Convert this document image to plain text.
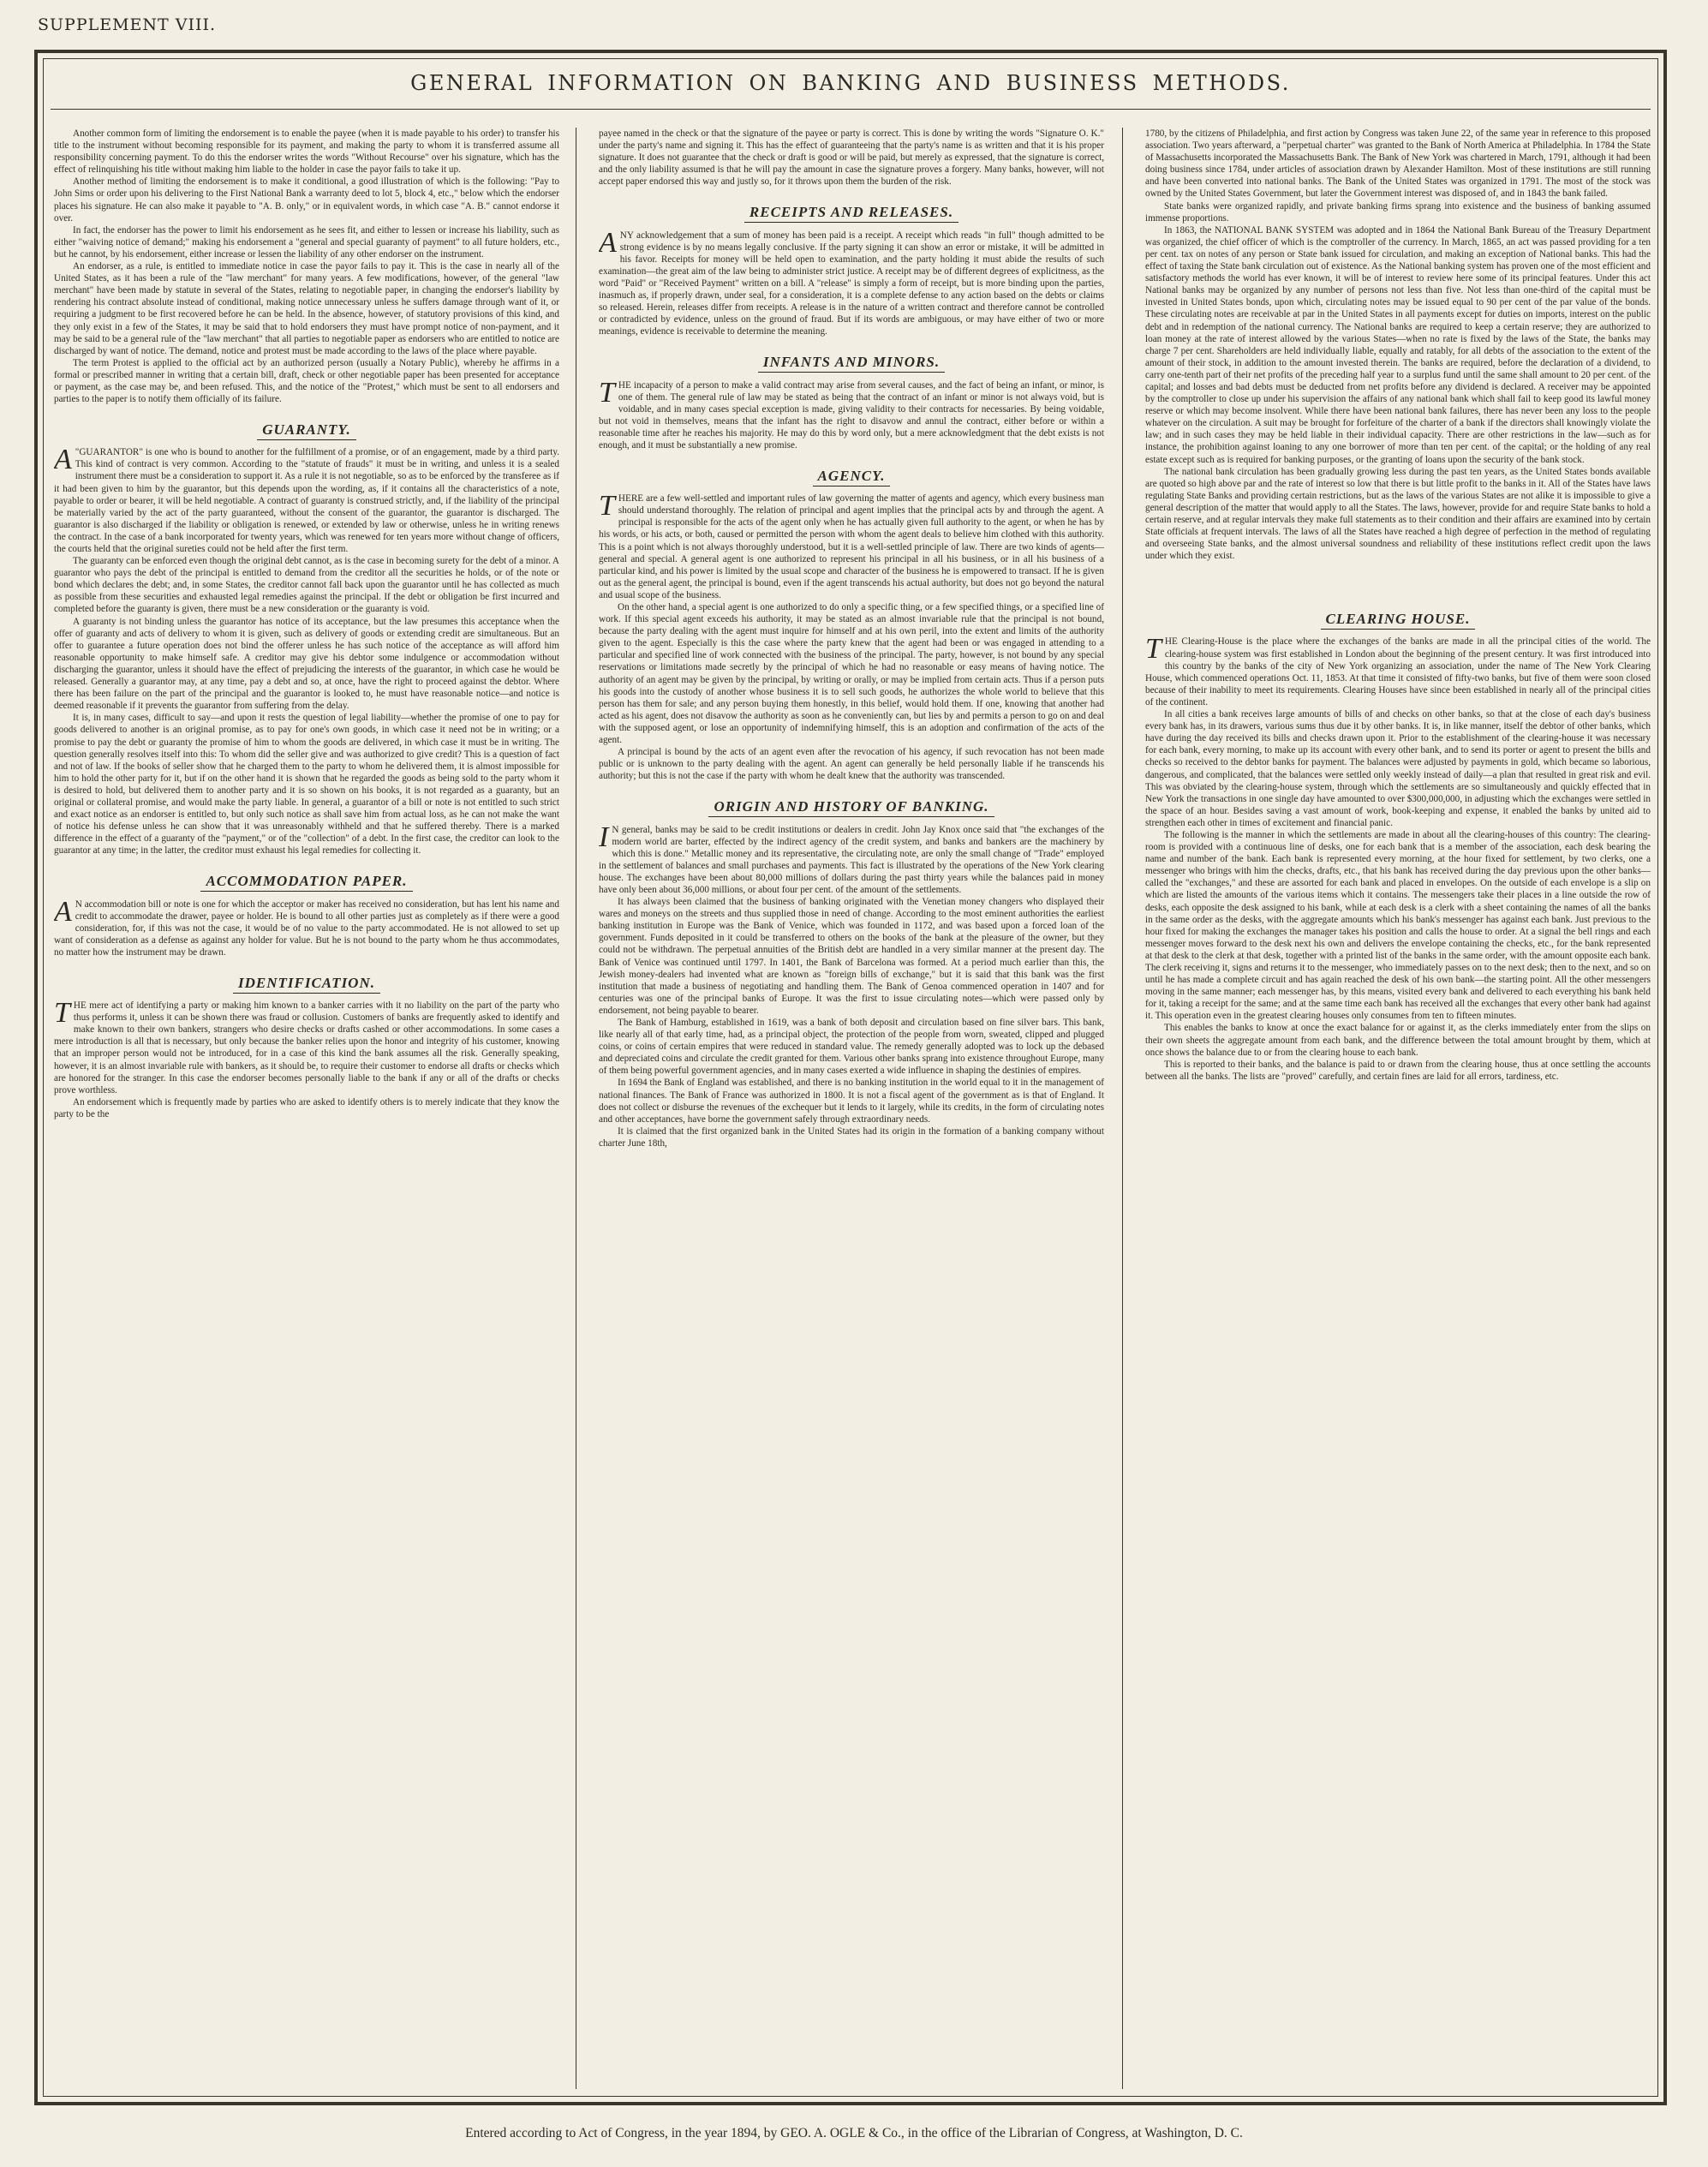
SUPPLEMENT VIII.
GENERAL INFORMATION ON BANKING AND BUSINESS METHODS.

Another common form of limiting the endorsement is to enable the payee (when it is made payable to his order) to transfer his title to the instrument without becoming responsible for its payment, and making the party to whom it is transferred assume all responsibility concerning payment. To do this the endorser writes the words "Without Recourse" over his signature, which has the effect of relinquishing his title without making him liable to the holder in case the payor fails to take it up.

Another method of limiting the endorsement is to make it conditional, a good illustration of which is the following: "Pay to John Sims or order upon his delivering to the First National Bank a warranty deed to lot 5, block 4, etc.," below which the endorser places his signature. He can also make it payable to "A. B. only," or in equivalent words, in which case "A. B." cannot endorse it over.

In fact, the endorser has the power to limit his endorsement as he sees fit, and either to lessen or increase his liability, such as either "waiving notice of demand;" making his endorsement a "general and special guaranty of payment" to all future holders, etc., but he cannot, by his endorsement, either increase or lessen the liability of any other endorser on the instrument.

An endorser, as a rule, is entitled to immediate notice in case the payor fails to pay it. This is the case in nearly all of the United States, as it has been a rule of the "law merchant" for many years. A few modifications, however, of the general "law merchant" have been made by statute in several of the States, relating to negotiable paper, in changing the endorser's liability by rendering his contract absolute instead of conditional, making notice unnecessary unless he suffers damage through want of it, or requiring a judgment to be first recovered before he can be held. In the absence, however, of statutory provisions of this kind, and they only exist in a few of the States, it may be said that to hold endorsers they must have prompt notice of non-payment, and it may be said to be a general rule of the "law merchant" that all parties to negotiable paper as endorsers who are entitled to notice are discharged by want of notice. The demand, notice and protest must be made according to the laws of the place where payable.

The term Protest is applied to the official act by an authorized person (usually a Notary Public), whereby he affirms in a formal or prescribed manner in writing that a certain bill, draft, check or other negotiable paper has been presented for acceptance or payment, as the case may be, and been refused. This, and the notice of the "Protest," which must be sent to all endorsers and parties to the paper is to notify them officially of its failure.

GUARANTY.

A "GUARANTOR" is one who is bound to another for the fulfillment of a promise, or of an engagement, made by a third party. This kind of contract is very common. According to the "statute of frauds" it must be in writing, and unless it is a sealed instrument there must be a consideration to support it. As a rule it is not negotiable, so as to be enforced by the transferee as if it had been given to him by the guarantor, but this depends upon the wording, as, if it contains all the characteristics of a note, payable to order or bearer, it will be held negotiable. A contract of guaranty is construed strictly, and, if the liability of the principal be materially varied by the act of the party guaranteed, without the consent of the guarantor, the guarantor is discharged. The guarantor is also discharged if the liability or obligation is renewed, or extended by law or otherwise, unless he in writing renews the contract. In the case of a bank incorporated for twenty years, which was renewed for ten years more without change of officers, the courts held that the original sureties could not be held after the first term.

The guaranty can be enforced even though the original debt cannot, as is the case in becoming surety for the debt of a minor. A guarantor who pays the debt of the principal is entitled to demand from the creditor all the securities he holds, or of the note or bond which declares the debt; and, in some States, the creditor cannot fall back upon the guarantor until he has collected as much as possible from these securities and exhausted legal remedies against the principal. If the debt or obligation be first incurred and completed before the guaranty is given, there must be a new consideration or the guaranty is void.

A guaranty is not binding unless the guarantor has notice of its acceptance, but the law presumes this acceptance when the offer of guaranty and acts of delivery to whom it is given, such as delivery of goods or extending credit are simultaneous. But an offer to guarantee a future operation does not bind the offerer unless he has such notice of the acceptance as will afford him reasonable opportunity to make himself safe. A creditor may give his debtor some indulgence or accommodation without discharging the guarantor, unless it should have the effect of prejudicing the interests of the guarantor, in which case he would be released. Generally a guarantor may, at any time, pay a debt and so, at once, have the right to proceed against the debtor. Where there has been failure on the part of the principal and the guarantor is looked to, he must have reasonable notice—and notice is deemed reasonable if it prevents the guarantor from suffering from the delay.

It is, in many cases, difficult to say—and upon it rests the question of legal liability—whether the promise of one to pay for goods delivered to another is an original promise, as to pay for one's own goods, in which case it need not be in writing; or a promise to pay the debt or guaranty the promise of him to whom the goods are delivered, in which case it must be in writing. The question generally resolves itself into this: To whom did the seller give and was authorized to give credit? This is a question of fact and not of law. If the books of seller show that he charged them to the party to whom he delivered them, it is almost impossible for him to hold the other party for it, but if on the other hand it is shown that he regarded the goods as being sold to the party whom it is desired to hold, but delivered them to another party and it is so shown on his books, it is not regarded as a guaranty, but an original or collateral promise, and would make the party liable. In general, a guarantor of a bill or note is not entitled to such strict and exact notice as an endorser is entitled to, but only such notice as shall save him from actual loss, as he can not make the want of notice his defense unless he can show that it was unreasonably withheld and that he suffered thereby. There is a marked difference in the effect of a guaranty of the "payment," or of the "collection" of a debt. In the first case, the creditor can look to the guarantor at any time; in the latter, the creditor must exhaust his legal remedies for collecting it.

ACCOMMODATION PAPER.

A N accommodation bill or note is one for which the acceptor or maker has received no consideration, but has lent his name and credit to accommodate the drawer, payee or holder. He is bound to all other parties just as completely as if there were a good consideration, for, if this was not the case, it would be of no value to the party accommodated. He is not allowed to set up want of consideration as a defense as against any holder for value. But he is not bound to the party whom he thus accommodates, no matter how the instrument may be drawn.

IDENTIFICATION.

THE mere act of identifying a party or making him known to a banker carries with it no liability on the part of the party who thus performs it, unless it can be shown there was fraud or collusion. Customers of banks are frequently asked to identify and make known to their own bankers, strangers who desire checks or drafts cashed or other accommodations. In some cases a mere introduction is all that is necessary, but only because the banker relies upon the honor and integrity of his customer, knowing that an improper person would not be introduced, for in a case of this kind the bank assumes all the risk. Generally speaking, however, it is an almost invariable rule with bankers, as it should be, to require their customer to endorse all drafts or checks which are honored for the stranger. In this case the endorser becomes personally liable to the bank if any or all of the drafts or checks prove worthless.

An endorsement which is frequently made by parties who are asked to identify others is to merely indicate that they know the party to be the

payee named in the check or that the signature of the payee or party is correct. This is done by writing the words "Signature O. K." under the party's name and signing it. This has the effect of guaranteeing that the party's name is as written and that it is his proper signature. It does not guarantee that the check or draft is good or will be paid, but merely as expressed, that the signature is correct, and the only liability assumed is that he will pay the amount in case the signature proves a forgery. Many banks, however, will not accept paper endorsed this way and justly so, for it throws upon them the burden of the risk.

RECEIPTS AND RELEASES.

ANY acknowledgement that a sum of money has been paid is a receipt. A receipt which reads "in full" though admitted to be strong evidence is by no means legally conclusive. If the party signing it can show an error or mistake, it will be admitted in his favor. Receipts for money will be held open to examination, and the party holding it must abide the results of such examination—the great aim of the law being to administer strict justice. A receipt may be of different degrees of explicitness, as the word "Paid" or "Received Payment" written on a bill. A "release" is simply a form of receipt, but is more binding upon the parties, inasmuch as, if properly drawn, under seal, for a consideration, it is a complete defense to any action based on the debts or claims so released. Herein, releases differ from receipts. A release is in the nature of a written contract and therefore cannot be controlled or contradicted by evidence, unless on the ground of fraud. But if its words are ambiguous, or may have either of two or more meanings, evidence is receivable to determine the meaning.

INFANTS AND MINORS.

THE incapacity of a person to make a valid contract may arise from several causes, and the fact of being an infant, or minor, is one of them. The general rule of law may be stated as being that the contract of an infant or minor is not always void, but is voidable, and in many cases special exception is made, giving validity to their contracts for necessaries. By being voidable, but not void in themselves, means that the infant has the right to disavow and annul the contract, either before or within a reasonable time after he reaches his majority. He may do this by word only, but a mere acknowledgment that the debt exists is not enough, and it must be substantially a new promise.

AGENCY.

THERE are a few well-settled and important rules of law governing the matter of agents and agency, which every business man should understand thoroughly. The relation of principal and agent implies that the principal acts by and through the agent. A principal is responsible for the acts of the agent only when he has actually given full authority to the agent, or when he has by his words, or his acts, or both, caused or permitted the person with whom the agent deals to believe him clothed with this authority. This is a point which is not always thoroughly understood, but it is a well-settled principle of law. There are two kinds of agents—general and special. A general agent is one authorized to represent his principal in all his business, or in all his business of a particular kind, and his power is limited by the usual scope and character of the business he is empowered to transact. If he is given out as the general agent, the principal is bound, even if the agent transcends his actual authority, but does not go beyond the natural and usual scope of the business.

On the other hand, a special agent is one authorized to do only a specific thing, or a few specified things, or a specified line of work. If this special agent exceeds his authority, it may be stated as an almost invariable rule that the principal is not bound, because the party dealing with the agent must inquire for himself and at his own peril, into the extent and limits of the authority given to the agent. Especially is this the case where the party knew that the agent had been or was engaged in attending to a particular and specified line of work connected with the business of the principal. The party, however, is not bound by any special reservations or limitations made secretly by the principal of which he had no reasonable or easy means of having notice. The authority of an agent may be given by the principal, by writing or orally, or may be implied from certain acts. Thus if a person puts his goods into the custody of another whose business it is to sell such goods, he authorizes the whole world to believe that this person has them for sale; and any person buying them honestly, in this belief, would hold them. If one, knowing that another had acted as his agent, does not disavow the authority as soon as he conveniently can, but lies by and permits a person to go on and deal with the supposed agent, or lose an opportunity of indemnifying himself, this is an adoption and confirmation of the acts of the agent.

A principal is bound by the acts of an agent even after the revocation of his agency, if such revocation has not been made public or is unknown to the party dealing with the agent. An agent can generally be held personally liable if he transcends his authority; but this is not the case if the party with whom he dealt knew that the authority was transcended.

ORIGIN AND HISTORY OF BANKING.

I N general, banks may be said to be credit institutions or dealers in credit. John Jay Knox once said that "the exchanges of the modern world are barter, effected by the indirect agency of the credit system, and banks and bankers are the machinery by which this is done." Metallic money and its representative, the circulating note, are only the small change of "Trade" employed in the settlement of balances and small purchases and payments. This fact is illustrated by the operations of the New York clearing house. The exchanges have been about 80,000 millions of dollars during the past thirty years while the balances paid in money have only been about 36,000 millions, or about four per cent. of the amount of the settlements.

It has always been claimed that the business of banking originated with the Venetian money changers who displayed their wares and moneys on the streets and thus supplied those in need of change. According to the most eminent authorities the earliest banking institution in Europe was the Bank of Venice, which was founded in 1172, and was based upon a forced loan of the government. Funds deposited in it could be transferred to others on the books of the bank at the pleasure of the owner, but they could not be withdrawn. The perpetual annuities of the British debt are handled in a very similar manner at the present day. The Bank of Venice was continued until 1797. In 1401, the Bank of Barcelona was formed. At a period much earlier than this, the Jewish money-dealers had invented what are known as "foreign bills of exchange," but it is said that this bank was the first institution that made a business of negotiating and handling them. The Bank of Genoa commenced operation in 1407 and for centuries was one of the principal banks of Europe. It was the first to issue circulating notes—which were passed only by endorsement, not being payable to bearer.

The Bank of Hamburg, established in 1619, was a bank of both deposit and circulation based on fine silver bars. This bank, like nearly all of that early time, had, as a principal object, the protection of the people from worn, sweated, clipped and plugged coins, or coins of certain empires that were reduced in standard value. The remedy generally adopted was to lock up the debased and depreciated coins and circulate the credit granted for them. Various other banks sprang into existence throughout Europe, many of them being powerful government agencies, and in many cases exerted a wide influence in shaping the destinies of empires.

In 1694 the Bank of England was established, and there is no banking institution in the world equal to it in the management of national finances. The Bank of France was authorized in 1800. It is not a fiscal agent of the government as is that of England. It does not collect or disburse the revenues of the exchequer but it lends to it largely, while its credits, in the form of circulating notes and other acceptances, have borne the government safely through extraordinary needs.

It is claimed that the first organized bank in the United States had its origin in the formation of a banking company without charter June 18th,

1780, by the citizens of Philadelphia, and first action by Congress was taken June 22, of the same year in reference to this proposed association. Two years afterward, a "perpetual charter" was granted to the Bank of North America at Philadelphia. In 1784 the State of Massachusetts incorporated the Massachusetts Bank. The Bank of New York was chartered in March, 1791, although it had been doing business since 1784, under articles of association drawn by Alexander Hamilton. Most of these institutions are still running and have been converted into national banks. The Bank of the United States was organized in 1791. The most of the stock was owned by the United States Government, but later the Government interest was disposed of, and in 1843 the bank failed.

State banks were organized rapidly, and private banking firms sprang into existence and the business of banking assumed immense proportions.

In 1863, the NATIONAL BANK SYSTEM was adopted and in 1864 the National Bank Bureau of the Treasury Department was organized, the chief officer of which is the comptroller of the currency. In March, 1865, an act was passed providing for a ten per cent. tax on notes of any person or State bank issued for circulation, and making an exception of National banks. This had the effect of taxing the State bank circulation out of existence. As the National banking system has proven one of the most efficient and satisfactory methods the world has ever known, it will be of interest to review here some of its principal features. Under this act National banks may be organized by any number of persons not less than five. Not less than one-third of the capital must be invested in United States bonds, upon which, circulating notes may be issued equal to 90 per cent of the par value of the bonds. These circulating notes are receivable at par in the United States in all payments except for duties on imports, interest on the public debt and in redemption of the national currency. The National banks are required to keep a certain reserve; they are authorized to loan money at the rate of interest allowed by the various States—when no rate is fixed by the laws of the State, the banks may charge 7 per cent. Shareholders are held individually liable, equally and ratably, for all debts of the association to the extent of the amount of their stock, in addition to the amount invested therein. The banks are required, before the declaration of a dividend, to carry one-tenth part of their net profits of the preceding half year to a surplus fund until the same shall amount to 20 per cent. of the capital; and losses and bad debts must be deducted from net profits before any dividend is declared. A receiver may be appointed by the comptroller to close up under his supervision the affairs of any national bank which shall fail to keep good its lawful money reserve or which may become insolvent. While there have been national bank failures, there has never been any loss to the people whatever on the circulation. A suit may be brought for forfeiture of the charter of a bank if the directors shall knowingly violate the law; and in such cases they may be held liable in their individual capacity. There are other restrictions in the law—such as for instance, the prohibition against loaning to any one borrower of more than ten per cent. of the capital; or the holding of any real estate except such as is required for banking purposes, or the granting of loans upon the security of the bank stock.

The national bank circulation has been gradually growing less during the past ten years, as the United States bonds available are quoted so high above par and the rate of interest so low that there is but little profit to the banks in it. All of the States have laws regulating State Banks and providing certain restrictions, but as the laws of the various States are not alike it is impossible to give a general description of the matter that would apply to all the States. The laws, however, provide for and require State banks to hold a certain reserve, and at regular intervals they make full statements as to their condition and their affairs are examined into by certain State officials at frequent intervals. The laws of all the States have reached a high degree of perfection in the method of regulating and overseeing State banks, and the almost universal soundness and reliability of these institutions reflect credit upon the laws under which they exist.

CLEARING HOUSE.

THE Clearing-House is the place where the exchanges of the banks are made in all the principal cities of the world. The clearing-house system was first established in London about the beginning of the present century. It was first introduced into this country by the banks of the city of New York organizing an association, under the name of The New York Clearing House, which commenced operations Oct. 11, 1853. At that time it consisted of fifty-two banks, but five of them were soon closed because of their inability to meet its requirements. Clearing Houses have since been established in nearly all of the principal cities of the continent.

In all cities a bank receives large amounts of bills of and checks on other banks, so that at the close of each day's business every bank has, in its drawers, various sums thus due it by other banks. It is, in like manner, itself the debtor of other banks, which have during the day received its bills and checks drawn upon it. Prior to the establishment of the clearing-house it was necessary for each bank, every morning, to make up its account with every other bank, and to send its porter or agent to present the bills and checks so received to the debtor banks for payment. The balances were adjusted by payments in gold, which became so laborious, dangerous, and complicated, that the balances were settled only weekly instead of daily—a plan that resulted in great risk and evil. This was obviated by the clearing-house system, through which the settlements are so simultaneously and quickly effected that in New York the transactions in one single day have amounted to over $300,000,000, in adjusting which the exchanges were settled in the space of an hour. Besides saving a vast amount of work, book-keeping and expense, it enabled the banks by united aid to strengthen each other in times of excitement and financial panic.

The following is the manner in which the settlements are made in about all the clearing-houses of this country: The clearing-room is provided with a continuous line of desks, one for each bank that is a member of the association, each desk bearing the name and number of the bank. Each bank is represented every morning, at the hour fixed for settlement, by two clerks, one a messenger who brings with him the checks, drafts, etc., that his bank has received during the day previous upon the other banks—called the "exchanges," and these are assorted for each bank and placed in envelopes. On the outside of each envelope is a slip on which are listed the amounts of the various items which it contains. The messengers take their places in a line outside the row of desks, each opposite the desk assigned to his bank, while at each desk is a clerk with a sheet containing the names of all the banks in the same order as the desks, with the aggregate amounts which his bank's messenger has against each bank. Just previous to the hour fixed for making the exchanges the manager takes his position and calls the house to order. At a signal the bell rings and each messenger moves forward to the desk next his own and delivers the envelope containing the checks, etc., for the bank represented at that desk to the clerk at that desk, together with a printed list of the banks in the same order, with the amount opposite each bank. The clerk receiving it, signs and returns it to the messenger, who immediately passes on to the next desk; then to the next, and so on until he has made a complete circuit and has again reached the desk of his own bank—the starting point. All the other messengers moving in the same manner; each messenger has, by this means, visited every bank and delivered to each everything his bank held for it, taking a receipt for the same; and at the same time each bank has received all the exchanges that every other bank had against it. This operation even in the greatest clearing houses only consumes from ten to fifteen minutes.

This enables the banks to know at once the exact balance for or against it, as the clerks immediately enter from the slips on their own sheets the aggregate amount from each bank, and the difference between the total amount brought by them, which at once shows the balance due to or from the clearing house to each bank.

This is reported to their banks, and the balance is paid to or drawn from the clearing house, thus at once settling the accounts between all the banks. The lists are "proved" carefully, and certain fines are laid for all errors, tardiness, etc.

Entered according to Act of Congress, in the year 1894, by GEO. A. OGLE & Co., in the office of the Librarian of Congress, at Washington, D. C.
